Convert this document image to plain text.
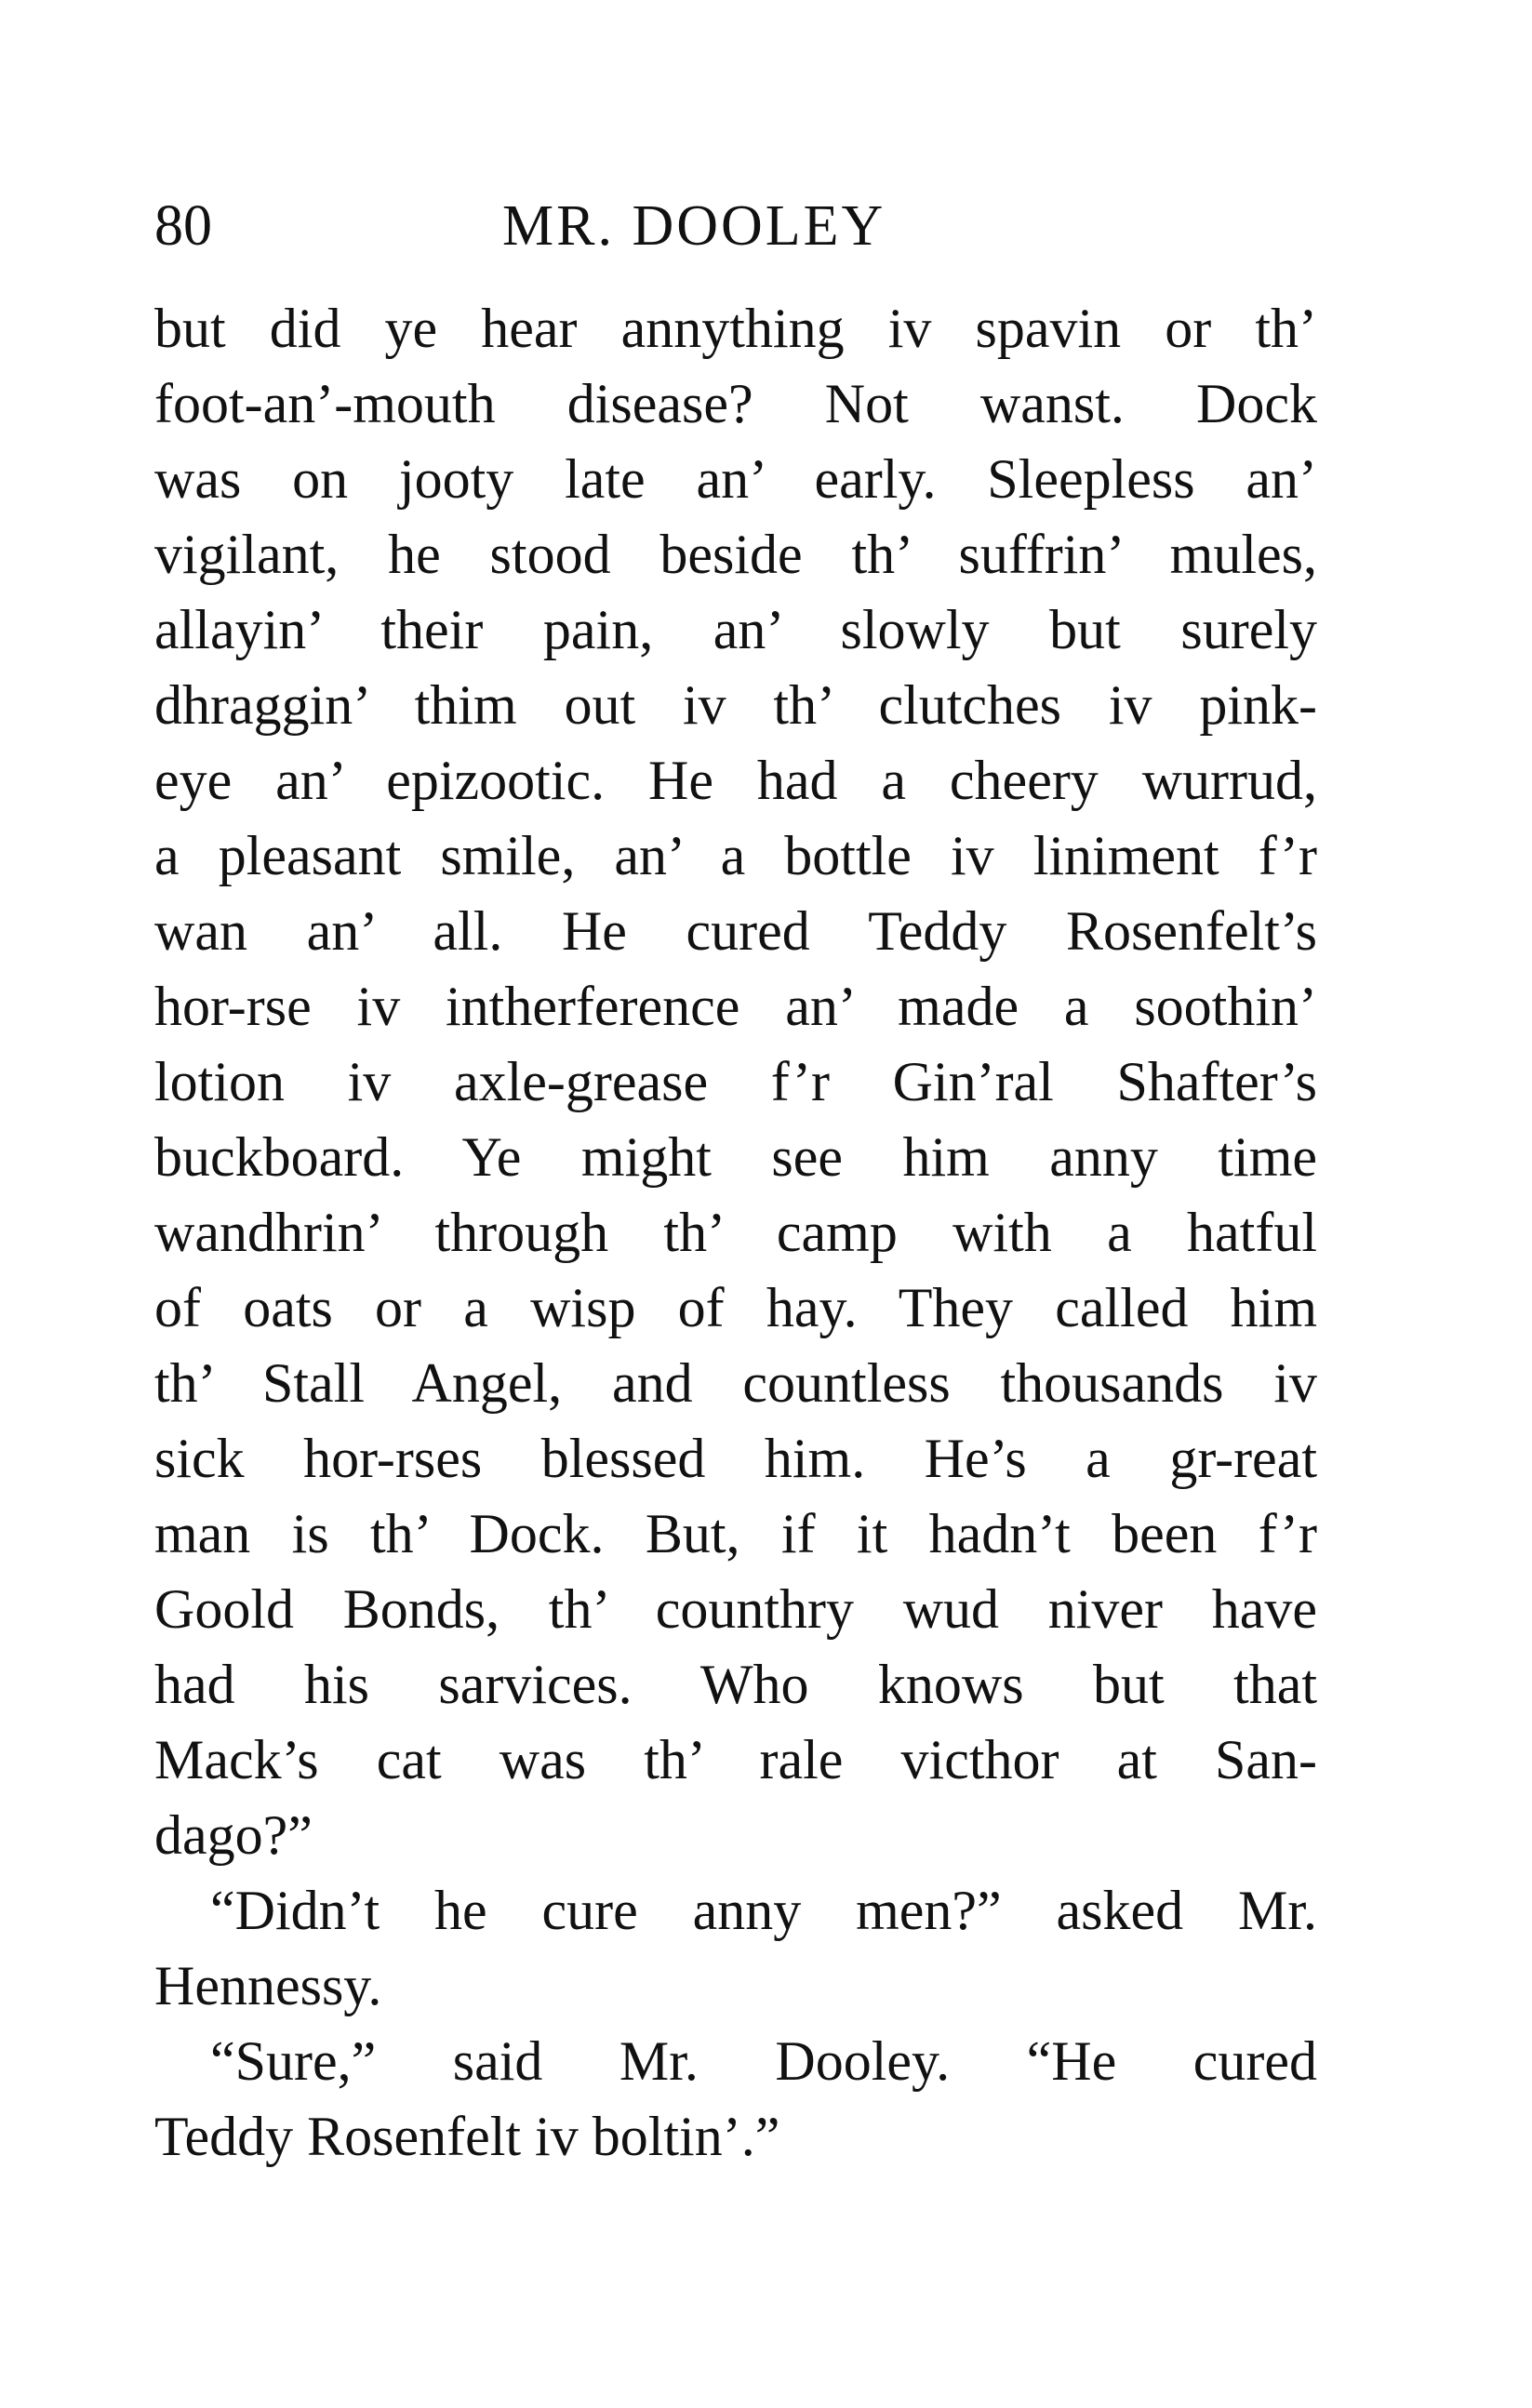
80	MR. DOOLEY
but did ye hear annything iv spavin or th’
foot-an’-mouth disease? Not wanst. Dock
was on jooty late an’ early. Sleepless an’
vigilant, he stood beside th’ suffrin’ mules,
allayin’ their pain, an’ slowly but surely
dhraggin’ thim out iv th’ clutches iv pink-
eye an’ epizootic. He had a cheery wurrud,
a pleasant smile, an’ a bottle iv liniment f’r
wan an’ all. He cured Teddy Rosenfelt’s
hor-rse iv intherference an’ made a soothin’
lotion iv axle-grease f’r Gin’ral Shafter’s
buckboard. Ye might see him anny time
wandhrin’ through th’ camp with a hatful
of oats or a wisp of hay. They called him
th’ Stall Angel, and countless thousands iv
sick hor-rses blessed him. He’s a gr-reat
man is th’ Dock. But, if it hadn’t been f’r
Goold Bonds, th’ counthry wud niver have
had his sarvices. Who knows but that
Mack’s cat was th’ rale victhor at San-
dago?”
“Didn’t he cure anny men?” asked Mr.
Hennessy.
“Sure,” said Mr. Dooley. “He cured
Teddy Rosenfelt iv boltin’.”
